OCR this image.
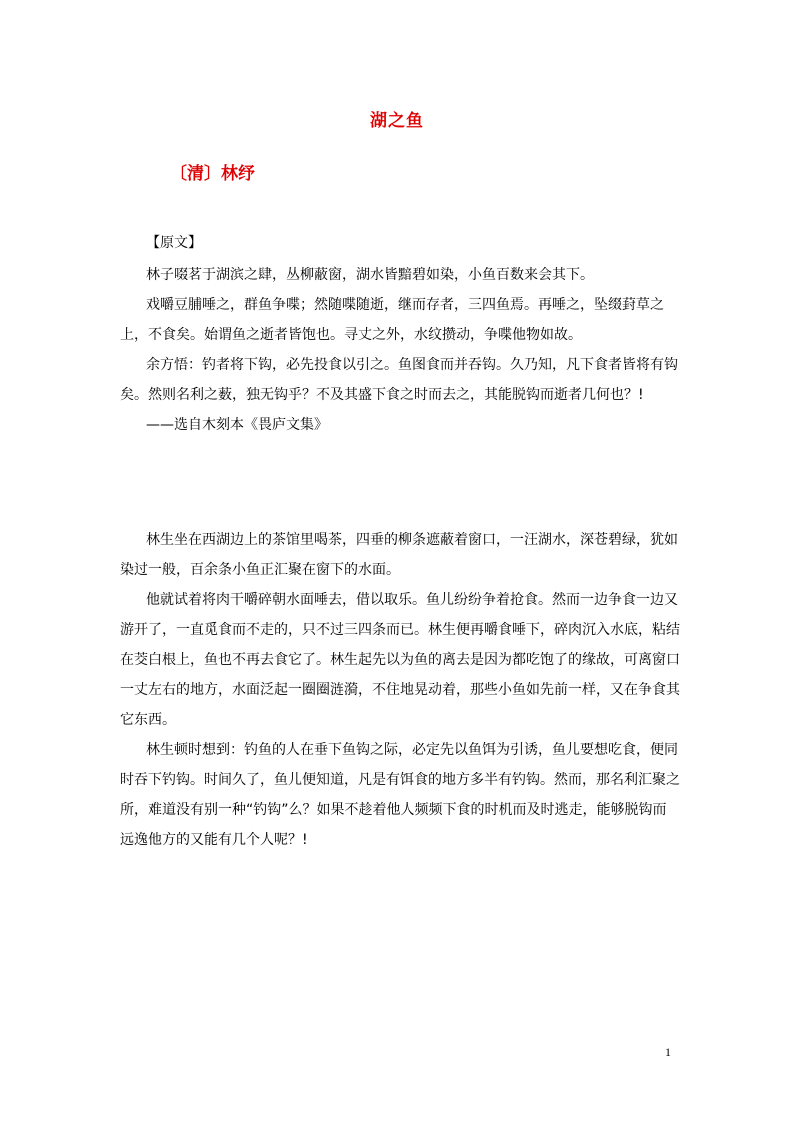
湖之鱼
〔清〕林纾
【原文】

林子啜茗于湖滨之肆，丛柳蔽窗，湖水皆黯碧如染，小鱼百数来会其下。

戏嚼豆脯唾之，群鱼争喋；然随喋随逝，继而存者，三四鱼焉。再唾之，坠缀葑草之上，不食矣。始谓鱼之逝者皆饱也。寻丈之外，水纹攒动，争喋他物如故。

余方悟：钓者将下钩，必先投食以引之。鱼图食而并吞钩。久乃知，凡下食者皆将有钩矣。然则名利之薮，独无钩乎？不及其盛下食之时而去之，其能脱钩而逝者几何也？!

——选自木刻本《畏庐文集》

林生坐在西湖边上的茶馆里喝茶，四垂的柳条遮蔽着窗口，一汪湖水，深苍碧绿，犹如染过一般，百余条小鱼正汇聚在窗下的水面。

他就试着将肉干嚼碎朝水面唾去，借以取乐。鱼儿纷纷争着抢食。然而一边争食一边又游开了，一直觅食而不走的，只不过三四条而已。林生便再嚼食唾下，碎肉沉入水底，粘结在茭白根上，鱼也不再去食它了。林生起先以为鱼的离去是因为都吃饱了的缘故，可离窗口一丈左右的地方，水面泛起一圈圈涟漪，不住地晃动着，那些小鱼如先前一样，又在争食其它东西。

林生顿时想到：钓鱼的人在垂下鱼钩之际，必定先以鱼饵为引诱，鱼儿要想吃食，便同时吞下钓钩。时间久了，鱼儿便知道，凡是有饵食的地方多半有钓钩。然而，那名利汇聚之所，难道没有别一种“钓钩”么？如果不趁着他人频频下食的时机而及时逃走，能够脱钩而远逸他方的又能有几个人呢？!

1
